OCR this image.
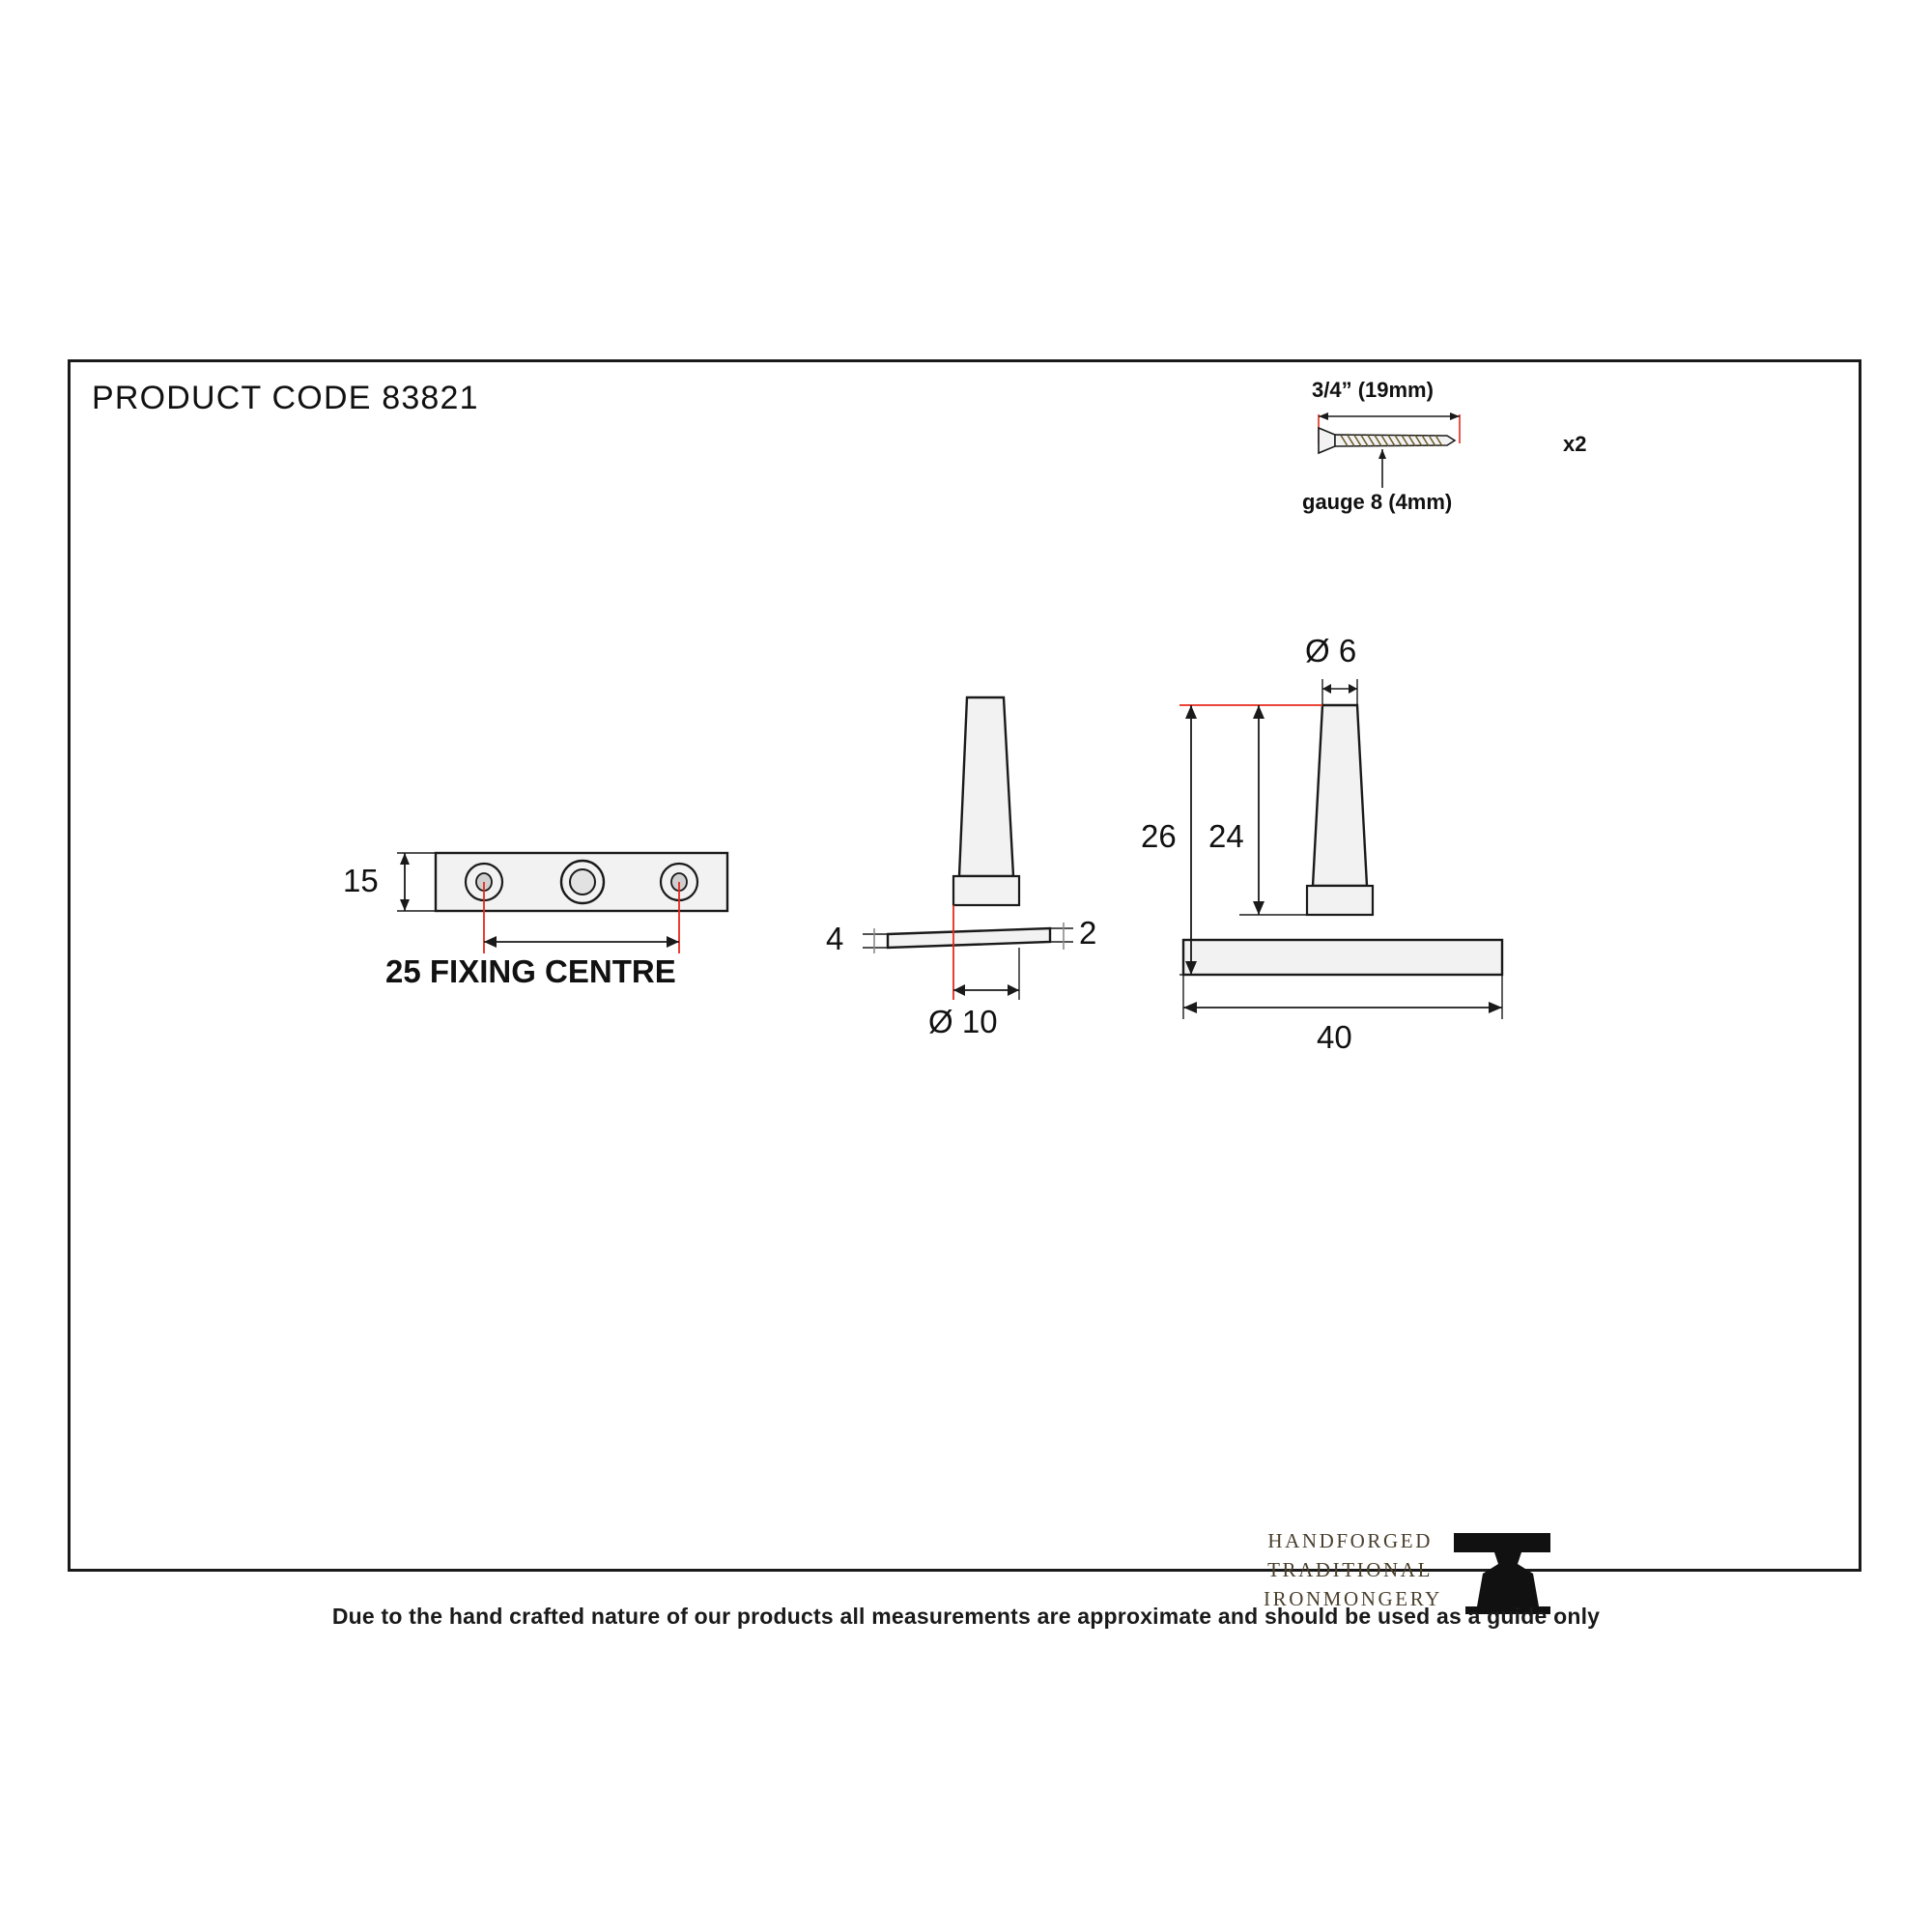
PRODUCT CODE 83821	3/4” (19mm)
gauge 8 (4mm)
x2
15
25 FIXING CENTRE
4	2
Ø 10
Ø 6
26 24
40
HANDFORGED
TRADITIONAL
IRONMONGERY
Due to the hand crafted nature of our products all measurements are approximate and should be used as a guide only
